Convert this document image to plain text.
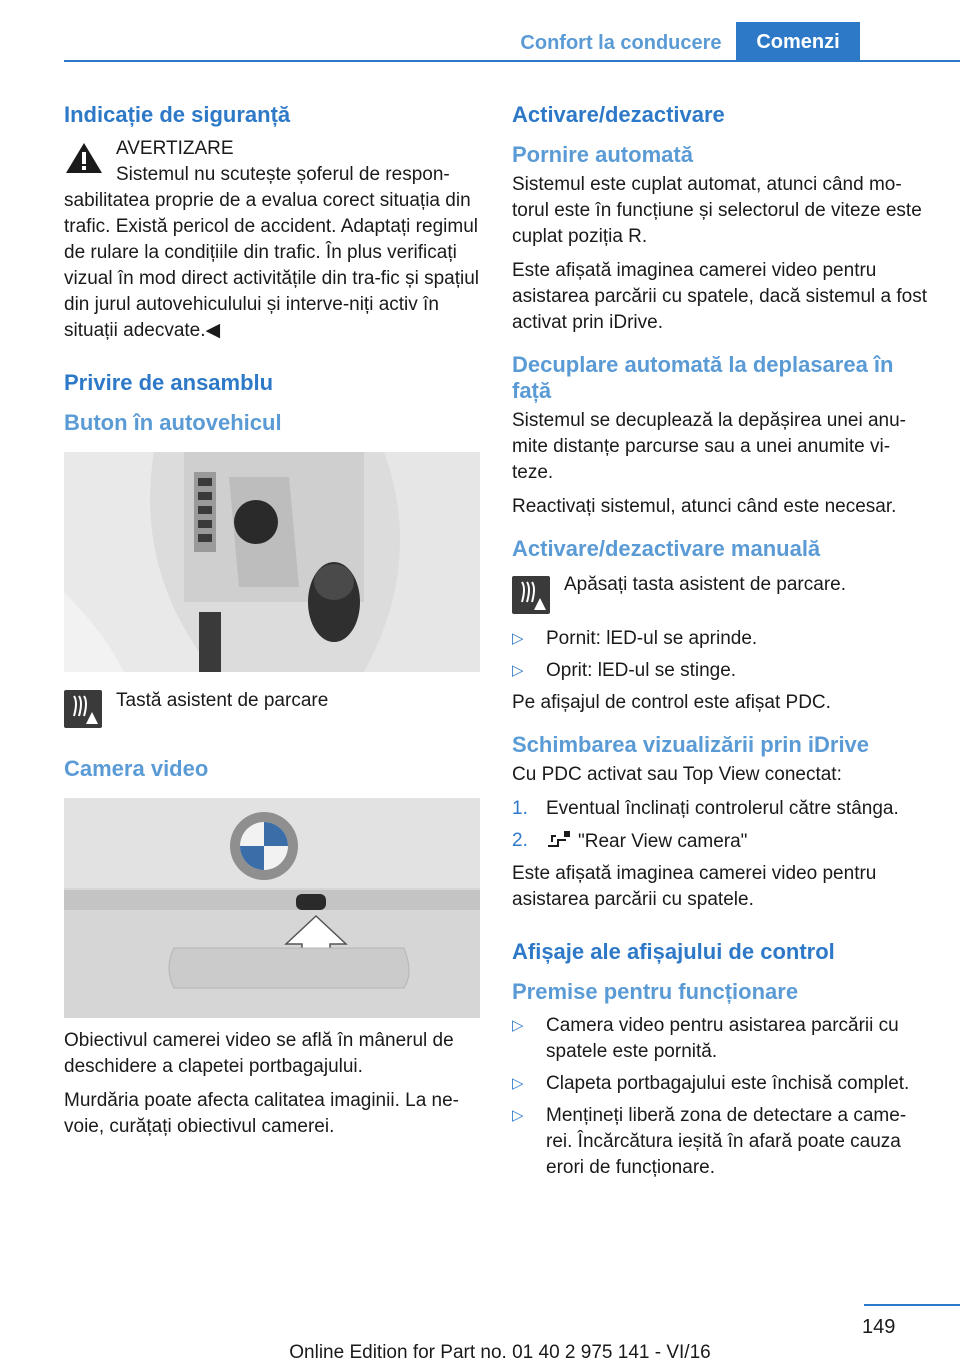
Confort la conducere	Comenzi
Indicație de siguranță
AVERTIZARE
Sistemul nu scutește șoferul de respon‐

sabilitatea proprie de a evalua corect situația din trafic. Există pericol de accident. Adaptați regimul de rulare la condițiile din trafic. În plus verificați vizual în mod direct activitățile din tra‐fic și spațiul din jurul autovehiculului și interve‐niți activ în situații adecvate.◀

Privire de ansamblu
Buton în autovehicul
Tastă asistent de parcare
Camera video

Obiectivul camerei video se află în mânerul de deschidere a clapetei portbagajului.

Murdăria poate afecta calitatea imaginii. La ne‐voie, curățați obiectivul camerei.

Activare/dezactivare
Pornire automată

Sistemul este cuplat automat, atunci când mo‐torul este în funcțiune și selectorul de viteze este cuplat poziția R.

Este afișată imaginea camerei video pentru asistarea parcării cu spatele, dacă sistemul a fost activat prin iDrive.

Decuplare automată la deplasarea în față

Sistemul se decuplează la depășirea unei anu‐mite distanțe parcurse sau a unei anumite vi‐teze.

Reactivați sistemul, atunci când este necesar.

Activare/dezactivare manuală
Apăsați tasta asistent de parcare.
▷ Pornit: lED-ul se aprinde.
▷ Oprit: lED-ul se stinge.

Pe afișajul de control este afișat PDC.

Schimbarea vizualizării prin iDrive

Cu PDC activat sau Top View conectat:

1. Eventual înclinați controlerul către stânga.
2.	"Rear View camera"

Este afișată imaginea camerei video pentru asistarea parcării cu spatele.

Afișaje ale afișajului de control
Premise pentru funcționare
▷ Camera video pentru asistarea parcării cu spatele este pornită.
▷ Clapeta portbagajului este închisă complet.
▷ Mențineți liberă zona de detectare a came‐rei. Încărcătura ieșită în afară poate cauza erori de funcționare.
149
Online Edition for Part no. 01 40 2 975 141 - VI/16
